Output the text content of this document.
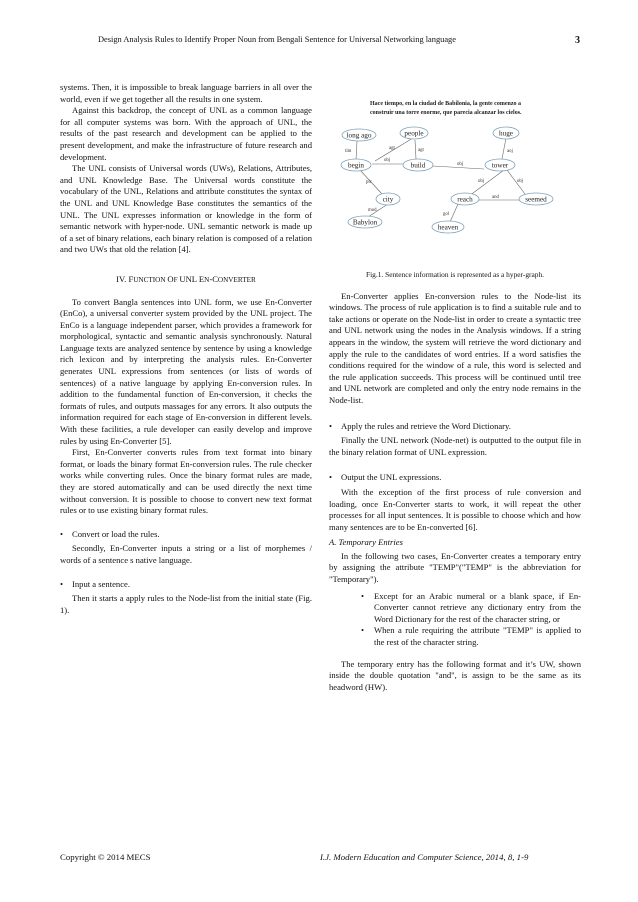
Design Analysis Rules to Identify Proper Noun from Bengali Sentence for Universal Networking language	3

systems. Then, it is impossible to break language barriers in all over the world, even if we get together all the results in one system.

Against this backdrop, the concept of UNL as a common language for all computer systems was born. With the approach of UNL, the results of the past research and development can be applied to the present development, and make the infrastructure of future research and development.

The UNL consists of Universal words (UWs), Relations, Attributes, and UNL Knowledge Base. The Universal words constitute the vocabulary of the UNL, Relations and attribute constitutes the syntax of the UNL and UNL Knowledge Base constitutes the semantics of the UNL. The UNL expresses information or knowledge in the form of semantic network with hyper-node. UNL semantic network is made up of a set of binary relations, each binary relation is composed of a relation and two UWs that old the relation [4].

IV. FUNCTION OF UNL EN-CONVERTER

To convert Bangla sentences into UNL form, we use En-Converter (EnCo), a universal converter system provided by the UNL project. The EnCo is a language independent parser, which provides a framework for morphological, syntactic and semantic analysis synchronously. Natural Language texts are analyzed sentence by sentence by using a knowledge rich lexicon and by interpreting the analysis rules. En-Converter generates UNL expressions from sentences (or lists of words of sentences) of a native language by applying En-conversion rules. In addition to the fundamental function of En-conversion, it checks the formats of rules, and outputs massages for any errors. It also outputs the information required for each stage of En-conversion in different levels. With these facilities, a rule developer can easily develop and improve rules by using En-Converter [5].

First, En-Converter converts rules from text format into binary format, or loads the binary format En-conversion rules. The rule checker works while converting rules. Once the binary format rules are made, they are stored automatically and can be used directly the next time without conversion. It is possible to choose to convert new text format rules or to use existing binary format rules.

• Convert or load the rules.

Secondly, En-Converter inputs a string or a list of morphemes / words of a sentence s native language.

• Input a sentence.

Then it starts a apply rules to the Node-list from the initial state (Fig. 1).

Hace tiempo, en la ciudad de Babilonia, la gente comenzo a
construir una torre enorme, que parecia alcanzar los cielos.
long ago	people	huge
begin	build	tower
city	reach	seemed
Babylon
heaven
tim
agt	agt
obj
obj
obj
aoj
plc
mod
gol
and
obj
Fig.1. Sentence information is represented as a hyper-graph.

En-Converter applies En-conversion rules to the Node-list its windows. The process of rule application is to find a suitable rule and to take actions or operate on the Node-list in order to create a syntactic tree and UNL network using the nodes in the Analysis windows. If a string appears in the window, the system will retrieve the word dictionary and apply the rule to the candidates of word entries. If a word satisfies the conditions required for the window of a rule, this word is selected and the rule application succeeds. This process will be continued until tree and UNL network are completed and only the entry node remains in the Node-list.

• Apply the rules and retrieve the Word Dictionary.

Finally the UNL network (Node-net) is outputted to the output file in the binary relation format of UNL expression.

• Output the UNL expressions.

With the exception of the first process of rule conversion and loading, once En-Converter starts to work, it will repeat the other processes for all input sentences. It is possible to choose which and how many sentences are to be En-converted [6].

A. Temporary Entries

In the following two cases, En-Converter creates a temporary entry by assigning the attribute "TEMP"("TEMP" is the abbreviation for "Temporary").

• Except for an Arabic numeral or a blank space, if En-Converter cannot retrieve any dictionary entry from the Word Dictionary for the rest of the character string, or
• When a rule requiring the attribute "TEMP" is applied to the rest of the character string.

The temporary entry has the following format and it’s UW, shown inside the double quotation "and", is assign to be the same as its headword (HW).

Copyright © 2014 MECS	I.J. Modern Education and Computer Science, 2014, 8, 1-9
